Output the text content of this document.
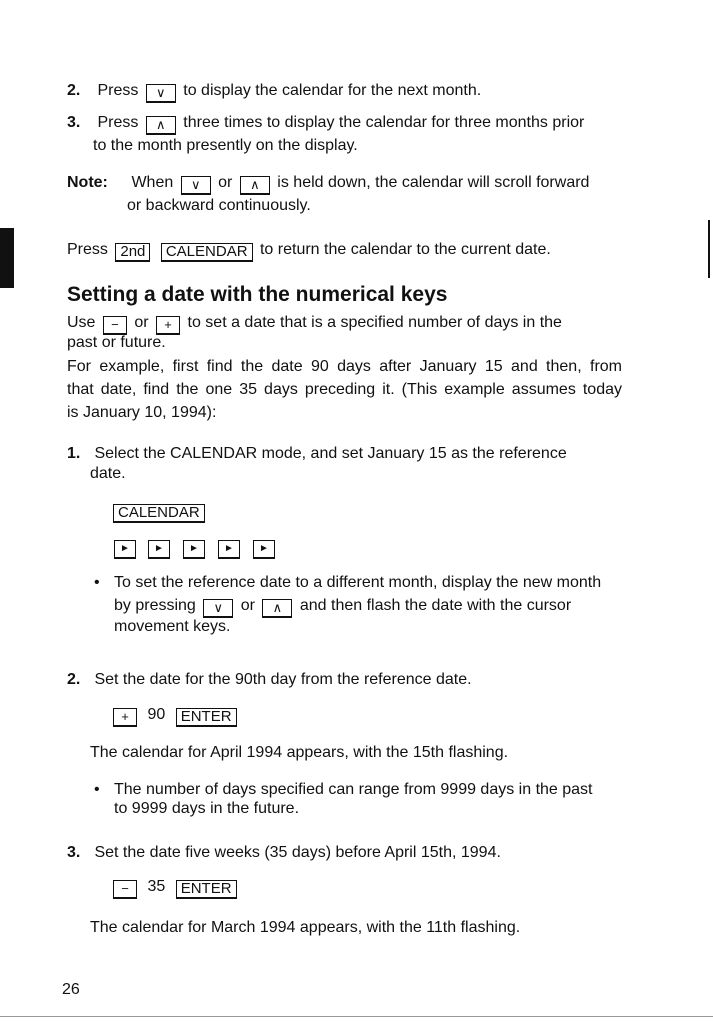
2. Press ∨ to display the calendar for the next month.
3. Press ∧ three times to display the calendar for three months prior
to the month presently on the display.
Note: When ∨ or ∧ is held down, the calendar will scroll forward
or backward continuously.
Press 2nd CALENDAR to return the calendar to the current date.
Setting a date with the numerical keys
Use − or + to set a date that is a specified number of days in the
past or future.
For example, first find the date 90 days after January 15 and then, from
that date, find the one 35 days preceding it. (This example assumes today
is January 10, 1994):
1. Select the CALENDAR mode, and set January 15 as the reference
date.
CALENDAR
► ►	►	►	►
• To set the reference date to a different month, display the new month
by pressing ∨ or ∧ and then flash the date with the cursor
movement keys.
2. Set the date for the 90th day from the reference date.
+ 90 ENTER
The calendar for April 1994 appears, with the 15th flashing.
• The number of days specified can range from 9999 days in the past
to 9999 days in the future.
3. Set the date five weeks (35 days) before April 15th, 1994.
− 35 ENTER
The calendar for March 1994 appears, with the 11th flashing.
26
